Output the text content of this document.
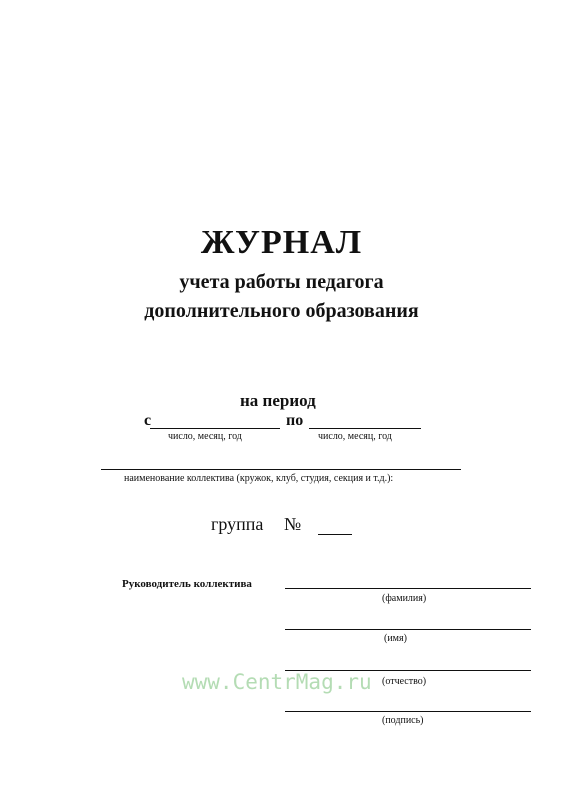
ЖУРНАЛ
учета работы педагога
дополнительного образования
на период
с
число, месяц, год
по
число, месяц, год
наименование коллектива (кружок, клуб, студия, секция и т.д.):
группа №
Руководитель коллектива
(фамилия)
(имя)
(отчество)
(подпись)
www.CentrMag.ru
